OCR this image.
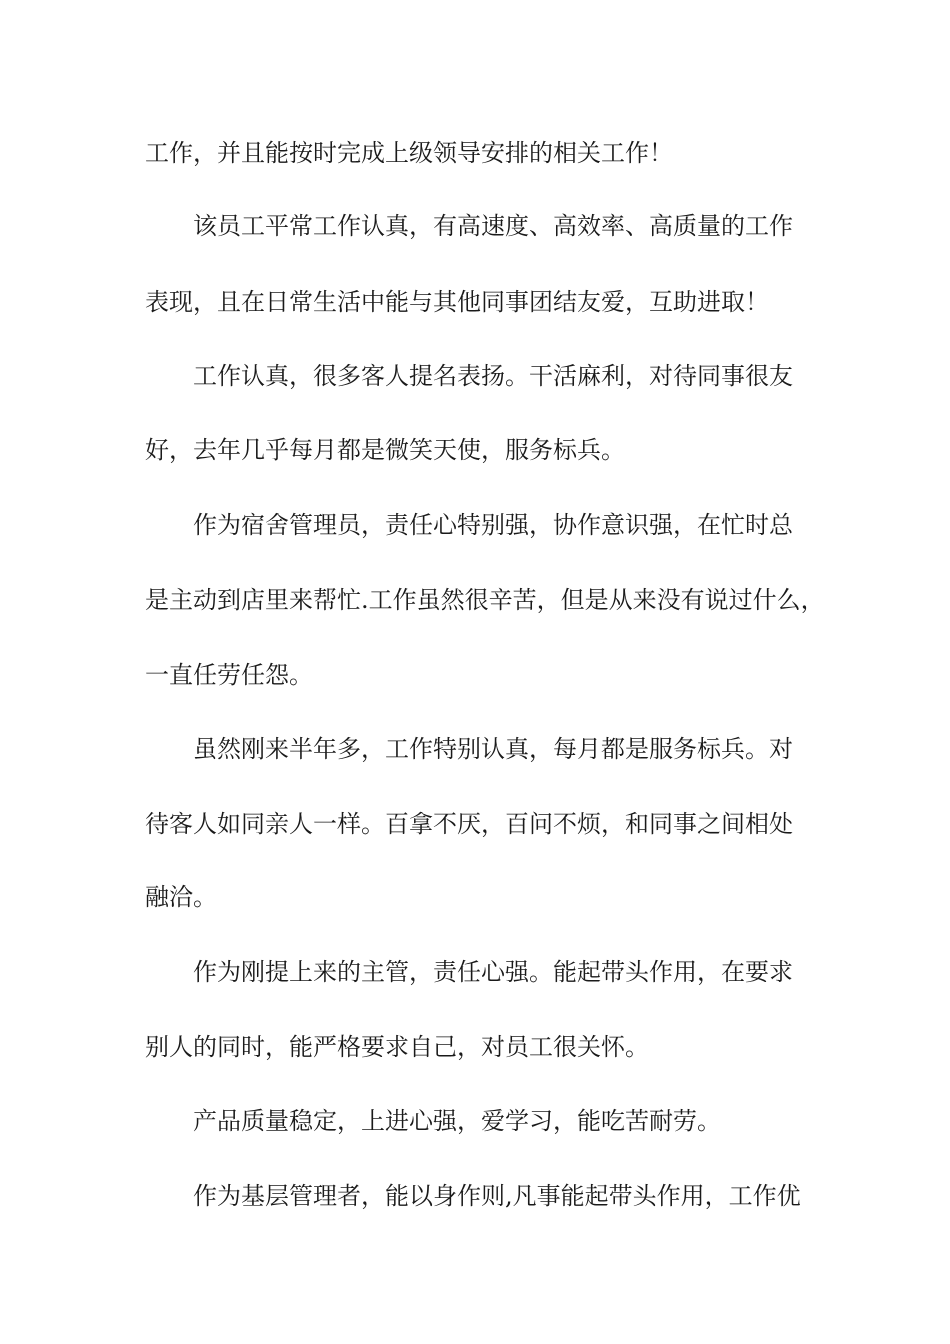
工作，并且能按时完成上级领导安排的相关工作！
该员工平常工作认真，有高速度、高效率、高质量的工作
表现，且在日常生活中能与其他同事团结友爱，互助进取！
工作认真，很多客人提名表扬。干活麻利，对待同事很友
好，去年几乎每月都是微笑天使，服务标兵。
作为宿舍管理员，责任心特别强，协作意识强，在忙时总
是主动到店里来帮忙.工作虽然很辛苦，但是从来没有说过什么，
一直任劳任怨。
虽然刚来半年多，工作特别认真，每月都是服务标兵。对
待客人如同亲人一样。百拿不厌，百问不烦，和同事之间相处
融洽。
作为刚提上来的主管，责任心强。能起带头作用，在要求
别人的同时，能严格要求自己，对员工很关怀。
产品质量稳定，上进心强，爱学习，能吃苦耐劳。
作为基层管理者，能以身作则,凡事能起带头作用，工作优
